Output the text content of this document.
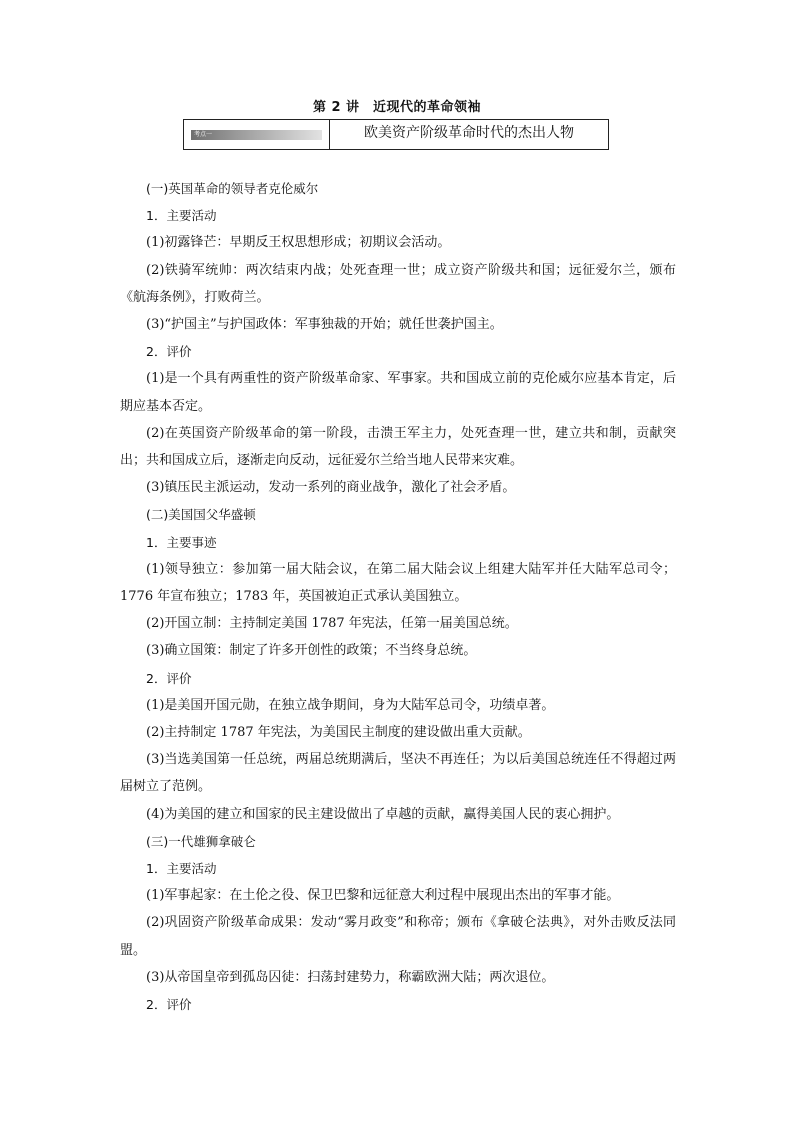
第 2 讲　近现代的革命领袖
考点一	欧美资产阶级革命时代的杰出人物

(一)英国革命的领导者克伦威尔

1．主要活动

(1)初露锋芒：早期反王权思想形成；初期议会活动。

(2)铁骑军统帅：两次结束内战；处死查理一世；成立资产阶级共和国；远征爱尔兰，颁布《航海条例》，打败荷兰。

(3)“护国主”与护国政体：军事独裁的开始；就任世袭护国主。

2．评价

(1)是一个具有两重性的资产阶级革命家、军事家。共和国成立前的克伦威尔应基本肯定，后期应基本否定。

(2)在英国资产阶级革命的第一阶段，击溃王军主力，处死查理一世，建立共和制，贡献突出；共和国成立后，逐渐走向反动，远征爱尔兰给当地人民带来灾难。

(3)镇压民主派运动，发动一系列的商业战争，激化了社会矛盾。

(二)美国国父华盛顿

1．主要事迹

(1)领导独立：参加第一届大陆会议，在第二届大陆会议上组建大陆军并任大陆军总司令；1776 年宣布独立；1783 年，英国被迫正式承认美国独立。

(2)开国立制：主持制定美国 1787 年宪法，任第一届美国总统。

(3)确立国策：制定了许多开创性的政策；不当终身总统。

2．评价

(1)是美国开国元勋，在独立战争期间，身为大陆军总司令，功绩卓著。

(2)主持制定 1787 年宪法，为美国民主制度的建设做出重大贡献。

(3)当选美国第一任总统，两届总统期满后，坚决不再连任；为以后美国总统连任不得超过两届树立了范例。

(4)为美国的建立和国家的民主建设做出了卓越的贡献，赢得美国人民的衷心拥护。

(三)一代雄狮拿破仑

1．主要活动

(1)军事起家：在土伦之役、保卫巴黎和远征意大利过程中展现出杰出的军事才能。

(2)巩固资产阶级革命成果：发动“雾月政变”和称帝；颁布《拿破仑法典》，对外击败反法同盟。

(3)从帝国皇帝到孤岛囚徒：扫荡封建势力，称霸欧洲大陆；两次退位。

2．评价
